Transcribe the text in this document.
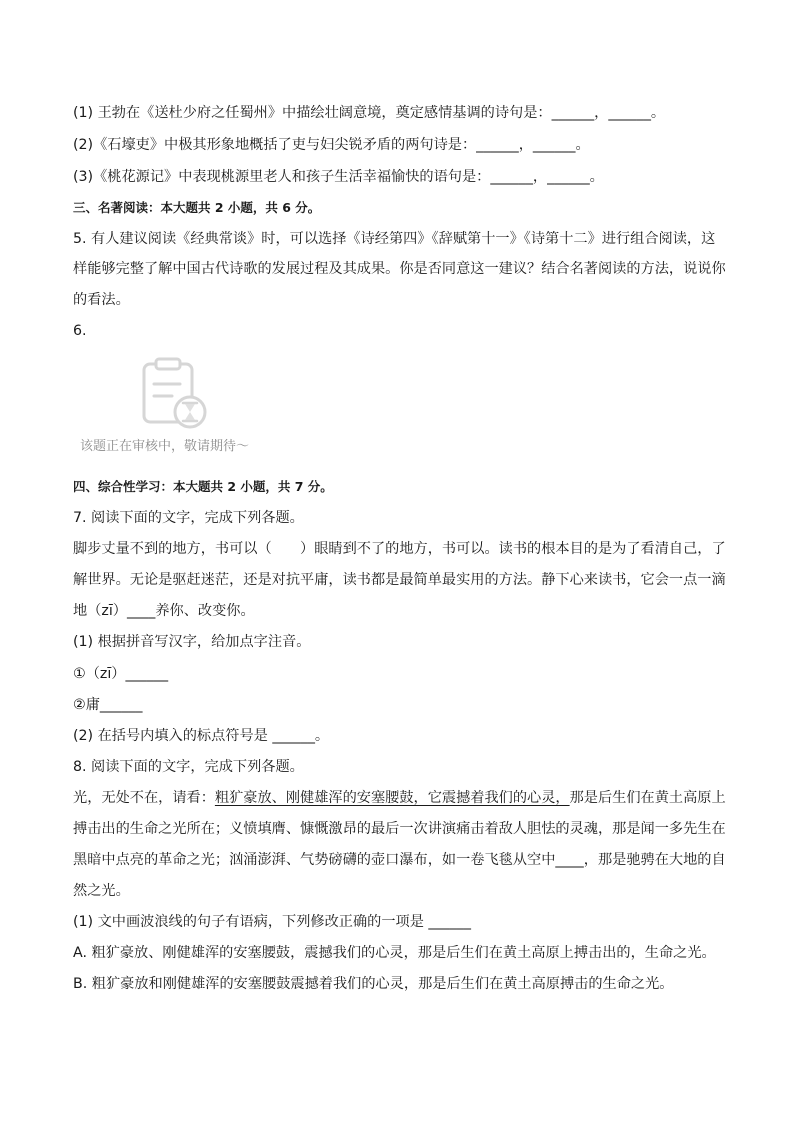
(1) 王勃在《送杜少府之任蜀州》中描绘壮阔意境，奠定感情基调的诗句是：______，______。
(2)《石壕吏》中极其形象地概括了吏与妇尖锐矛盾的两句诗是：______，______。
(3)《桃花源记》中表现桃源里老人和孩子生活幸福愉快的语句是：______，______。
三、名著阅读：本大题共 2 小题，共 6 分。
5. 有人建议阅读《经典常谈》时，可以选择《诗经第四》《辞赋第十一》《诗第十二》进行组合阅读，这
样能够完整了解中国古代诗歌的发展过程及其成果。你是否同意这一建议？结合名著阅读的方法，说说你
的看法。
6.
该题正在审核中，敬请期待～
四、综合性学习：本大题共 2 小题，共 7 分。
7. 阅读下面的文字，完成下列各题。
脚步丈量不到的地方，书可以（　　）眼睛到不了的地方，书可以。读书的根本目的是为了看清自己，了
解世界。无论是驱赶迷茫，还是对抗平庸，读书都是最简单最实用的方法。静下心来读书，它会一点一滴
地（zī）____养你、改变你。
(1) 根据拼音写汉字，给加点字注音。
①（zī）______
②庸______
(2) 在括号内填入的标点符号是 ______。
8. 阅读下面的文字，完成下列各题。
光，无处不在，请看：粗犷豪放、刚健雄浑的安塞腰鼓，它震撼着我们的心灵，那是后生们在黄土高原上
搏击出的生命之光所在；义愤填膺、慷慨激昂的最后一次讲演痛击着敌人胆怯的灵魂，那是闻一多先生在
黑暗中点亮的革命之光；汹涌澎湃、气势磅礴的壶口瀑布，如一卷飞毯从空中____，那是驰骋在大地的自
然之光。
(1) 文中画波浪线的句子有语病，下列修改正确的一项是 ______
A. 粗犷豪放、刚健雄浑的安塞腰鼓，震撼我们的心灵，那是后生们在黄土高原上搏击出的，生命之光。
B. 粗犷豪放和刚健雄浑的安塞腰鼓震撼着我们的心灵，那是后生们在黄土高原搏击的生命之光。
